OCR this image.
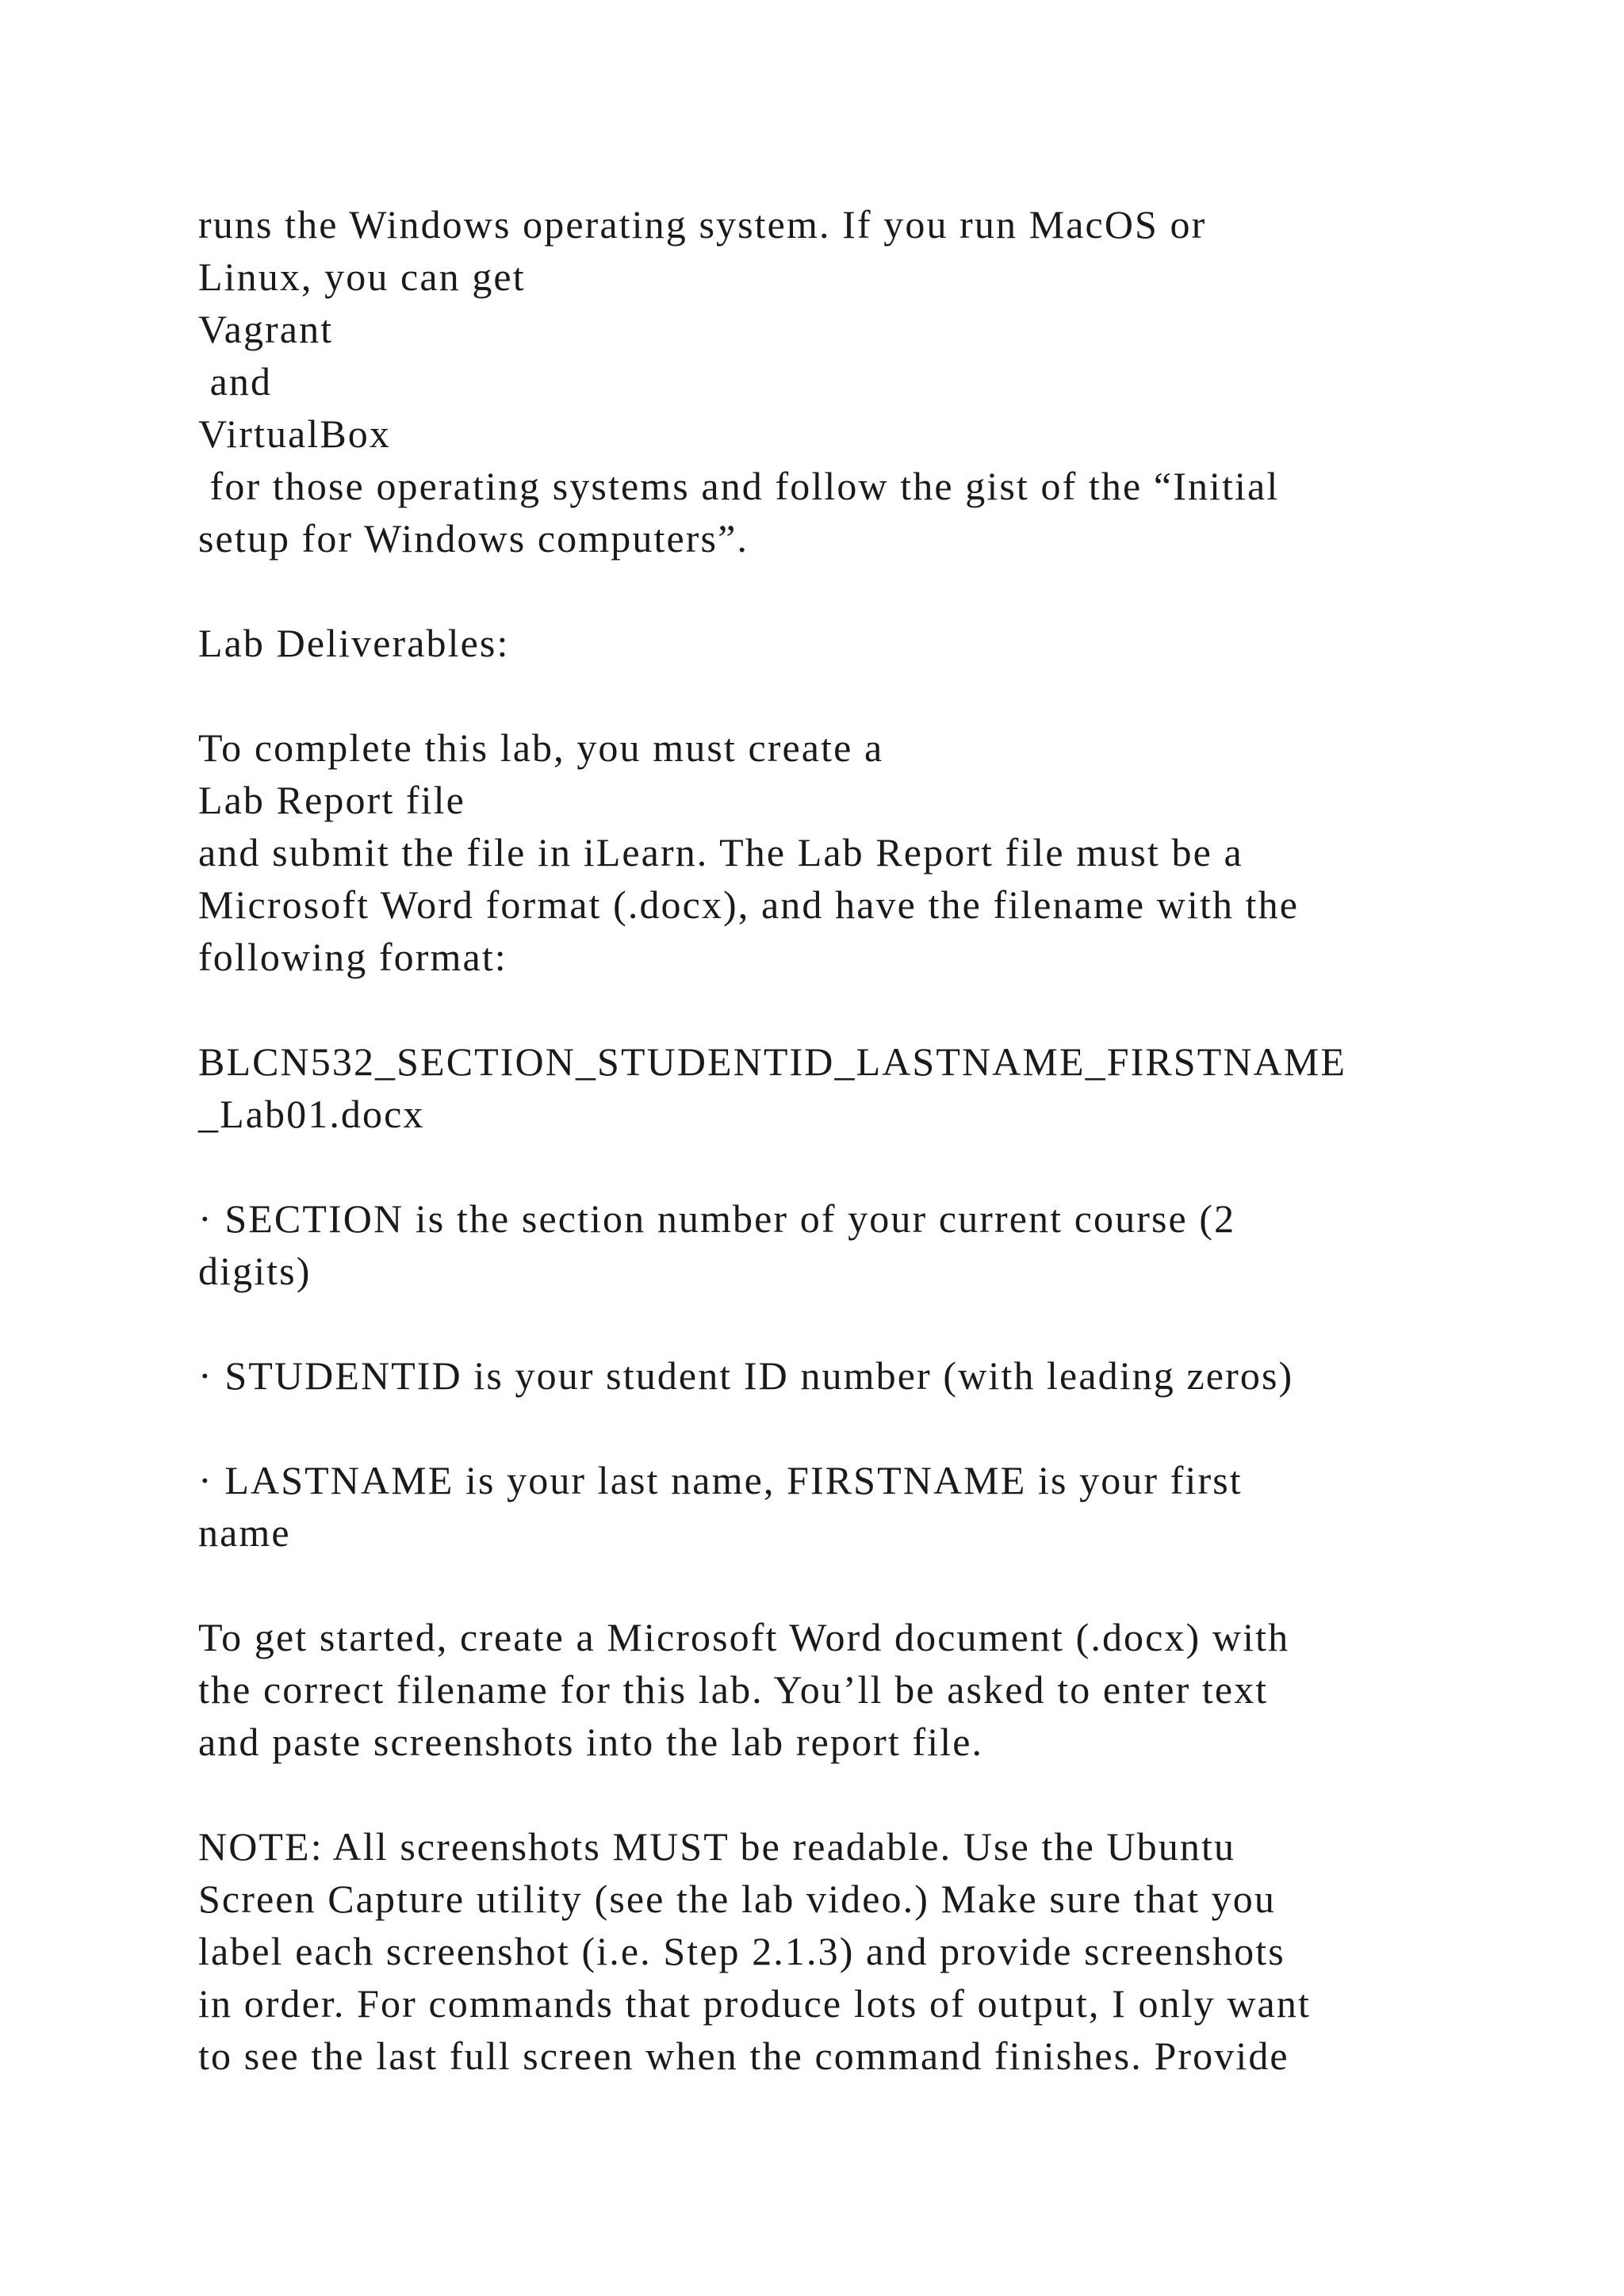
runs the Windows operating system. If you run MacOS or

Linux, you can get

Vagrant

and

VirtualBox

for those operating systems and follow the gist of the “Initial

setup for Windows computers”.

Lab Deliverables:

To complete this lab, you must create a

Lab Report file

and submit the file in iLearn. The Lab Report file must be a

Microsoft Word format (.docx), and have the filename with the

following format:

BLCN532_SECTION_STUDENTID_LASTNAME_FIRSTNAME

_Lab01.docx

· SECTION is the section number of your current course (2

digits)

· STUDENTID is your student ID number (with leading zeros)

· LASTNAME is your last name, FIRSTNAME is your first

name

To get started, create a Microsoft Word document (.docx) with

the correct filename for this lab. You’ll be asked to enter text

and paste screenshots into the lab report file.

NOTE: All screenshots MUST be readable. Use the Ubuntu

Screen Capture utility (see the lab video.) Make sure that you

label each screenshot (i.e. Step 2.1.3) and provide screenshots

in order. For commands that produce lots of output, I only want

to see the last full screen when the command finishes. Provide
